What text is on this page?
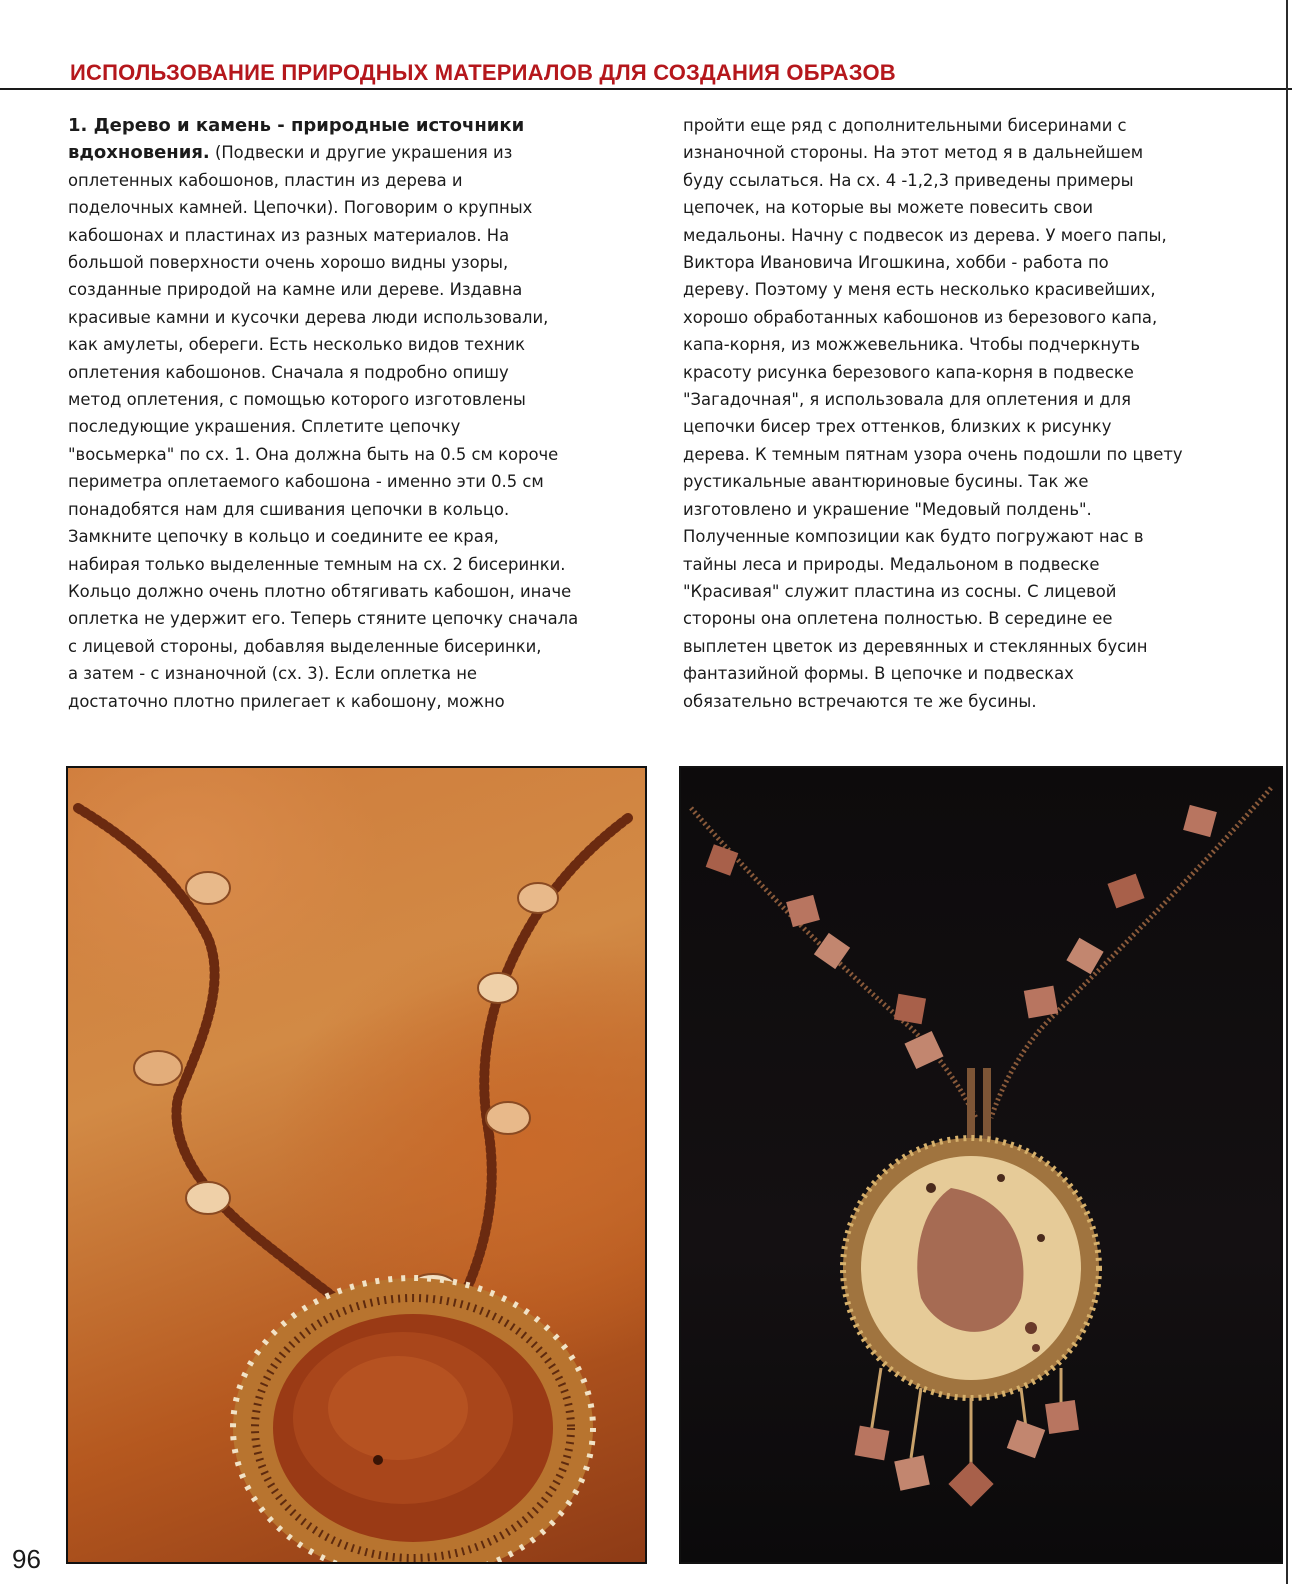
ИСПОЛЬЗОВАНИЕ ПРИРОДНЫХ МАТЕРИАЛОВ ДЛЯ СОЗДАНИЯ ОБРАЗОВ
1. Дерево и камень - природные источники
вдохновения. (Подвески и другие украшения из
оплетенных кабошонов, пластин из дерева и
поделочных камней. Цепочки). Поговорим о крупных
кабошонах и пластинах из разных материалов. На
большой поверхности очень хорошо видны узоры,
созданные природой на камне или дереве. Издавна
красивые камни и кусочки дерева люди использовали,
как амулеты, обереги. Есть несколько видов техник
оплетения кабошонов. Сначала я подробно опишу
метод оплетения, с помощью которого изготовлены
последующие украшения. Сплетите цепочку
"восьмерка" по сх. 1. Она должна быть на 0.5 см короче
периметра оплетаемого кабошона - именно эти 0.5 см
понадобятся нам для сшивания цепочки в кольцо.
Замкните цепочку в кольцо и соедините ее края,
набирая только выделенные темным на сх. 2 бисеринки.
Кольцо должно очень плотно обтягивать кабошон, иначе
оплетка не удержит его. Теперь стяните цепочку сначала
с лицевой стороны, добавляя выделенные бисеринки,
а затем - с изнаночной (сх. 3). Если оплетка не
достаточно плотно прилегает к кабошону, можно
пройти еще ряд с дополнительными бисеринами с
изнаночной стороны. На этот метод я в дальнейшем
буду ссылаться. На сх. 4 -1,2,3 приведены примеры
цепочек, на которые вы можете повесить свои
медальоны. Начну с подвесок из дерева. У моего папы,
Виктора Ивановича Игошкина, хобби - работа по
дереву. Поэтому у меня есть несколько красивейших,
хорошо обработанных кабошонов из березового капа,
капа-корня, из можжевельника. Чтобы подчеркнуть
красоту рисунка березового капа-корня в подвеске
"Загадочная", я использовала для оплетения и для
цепочки бисер трех оттенков, близких к рисунку
дерева. К темным пятнам узора очень подошли по цвету
рустикальные авантюриновые бусины. Так же
изготовлено и украшение "Медовый полдень".
Полученные композиции как будто погружают нас в
тайны леса и природы. Медальоном в подвеске
"Красивая" служит пластина из сосны. С лицевой
стороны она оплетена полностью. В середине ее
выплетен цветок из деревянных и стеклянных бусин
фантазийной формы. В цепочке и подвесках
обязательно встречаются те же бусины.

96
